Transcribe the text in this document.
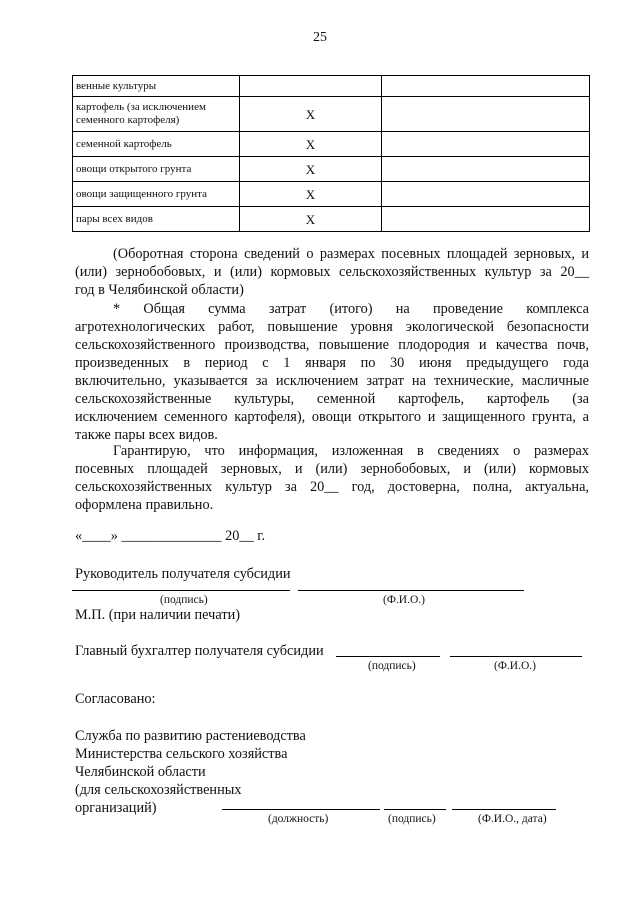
25
венные культуры		
картофель (за исключением семенного картофеля)	X	
семенной картофель	X	
овощи открытого грунта	X	
овощи защищенного грунта	X	
пары всех видов	X	
(Оборотная сторона сведений о размерах посевных площадей зерновых, и
(или) зернобобовых, и (или) кормовых сельскохозяйственных культур за 20__
год в Челябинской области)
* Общая сумма затрат (итого) на проведение комплекса
агротехнологических работ, повышение уровня экологической безопасности
сельскохозяйственного производства, повышение плодородия и качества почв,
произведенных в период с 1 января по 30 июня предыдущего года
включительно, указывается за исключением затрат на технические, масличные
сельскохозяйственные культуры, семенной картофель, картофель (за
исключением семенного картофеля), овощи открытого и защищенного грунта, а
также пары всех видов.
Гарантирую, что информация, изложенная в сведениях о размерах
посевных площадей зерновых, и (или) зернобобовых, и (или) кормовых
сельскохозяйственных культур за 20__ год, достоверна, полна, актуальна,
оформлена правильно.
«____» ______________ 20__ г.
Руководитель получателя субсидии
(подпись)	(Ф.И.О.)
М.П. (при наличии печати)
Главный бухгалтер получателя субсидии
(подпись)	(Ф.И.О.)
Согласовано:
Служба по развитию растениеводства
Министерства сельского хозяйства
Челябинской области
(для сельскохозяйственных
организаций)
(должность)	(подпись)	(Ф.И.О., дата)
